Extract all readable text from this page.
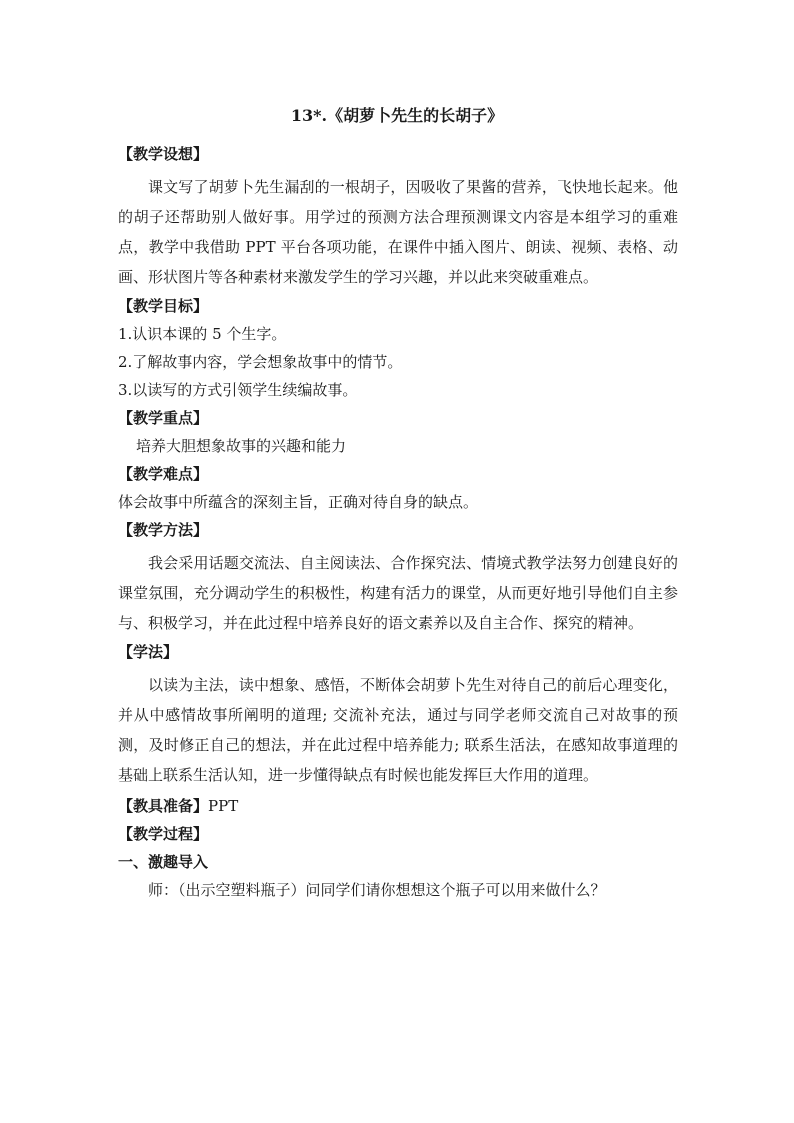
13*.《胡萝卜先生的长胡子》
【教学设想】

课文写了胡萝卜先生漏刮的一根胡子，因吸收了果酱的营养，飞快地长起来。他的胡子还帮助别人做好事。用学过的预测方法合理预测课文内容是本组学习的重难点，教学中我借助 PPT 平台各项功能，在课件中插入图片、朗读、视频、表格、动画、形状图片等各种素材来激发学生的学习兴趣，并以此来突破重难点。

【教学目标】
1.认识本课的 5 个生字。
2.了解故事内容，学会想象故事中的情节。
3.以读写的方式引领学生续编故事。
【教学重点】
培养大胆想象故事的兴趣和能力
【教学难点】
体会故事中所蕴含的深刻主旨，正确对待自身的缺点。
【教学方法】

我会采用话题交流法、自主阅读法、合作探究法、情境式教学法努力创建良好的课堂氛围，充分调动学生的积极性，构建有活力的课堂，从而更好地引导他们自主参与、积极学习，并在此过程中培养良好的语文素养以及自主合作、探究的精神。

【学法】

以读为主法，读中想象、感悟，不断体会胡萝卜先生对待自己的前后心理变化，并从中感情故事所阐明的道理; 交流补充法，通过与同学老师交流自己对故事的预测，及时修正自己的想法，并在此过程中培养能力; 联系生活法，在感知故事道理的基础上联系生活认知，进一步懂得缺点有时候也能发挥巨大作用的道理。

【教具准备】PPT
【教学过程】
一、激趣导入
师：（出示空塑料瓶子）问同学们请你想想这个瓶子可以用来做什么？
